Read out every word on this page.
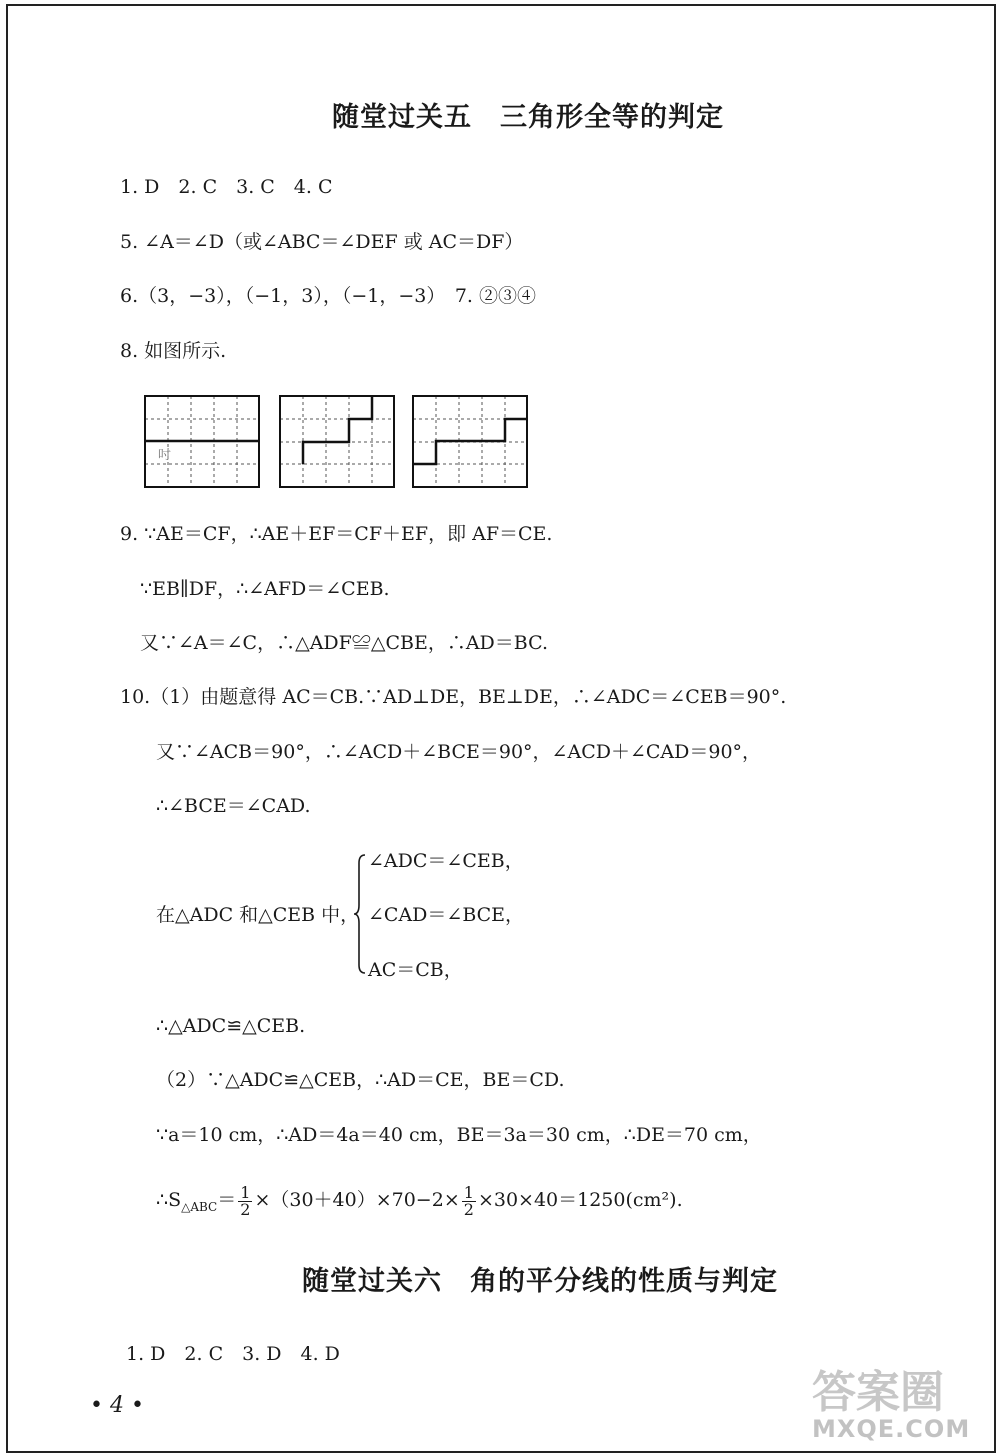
随堂过关五　三角形全等的判定
1. D　2. C　3. C　4. C
5. ∠A＝∠D（或∠ABC＝∠DEF 或 AC＝DF）
6.（3，−3），（−1，3），（−1，−3）　7. ②③④
8. 如图所示.
吋
9. ∵AE＝CF，∴AE＋EF＝CF＋EF，即 AF＝CE.
∵EB∥DF，∴∠AFD＝∠CEB.
又∵∠A＝∠C，∴△ADF≌△CBE，∴AD＝BC.
10.（1）由题意得 AC＝CB.∵AD⊥DE，BE⊥DE，∴∠ADC＝∠CEB＝90°.
又∵∠ACB＝90°，∴∠ACD＋∠BCE＝90°，∠ACD＋∠CAD＝90°，
∴∠BCE＝∠CAD.
在△ADC 和△CEB 中，
∠ADC＝∠CEB，
∠CAD＝∠BCE，
AC＝CB，
∴△ADC≌△CEB.
（2）∵△ADC≌△CEB，∴AD＝CE，BE＝CD.
∵a＝10 cm，∴AD＝4a＝40 cm，BE＝3a＝30 cm，∴DE＝70 cm，
$\therefore S_{\triangle ABC}= \frac{1}{2} \times(30+40)\times 70-2\times \frac{1}{2} \times 30\times 40=1250(cm^2)$.
随堂过关六　角的平分线的性质与判定
1. D　2. C　3. D　4. D
• 4 •	答案圈
MXQE.COM
